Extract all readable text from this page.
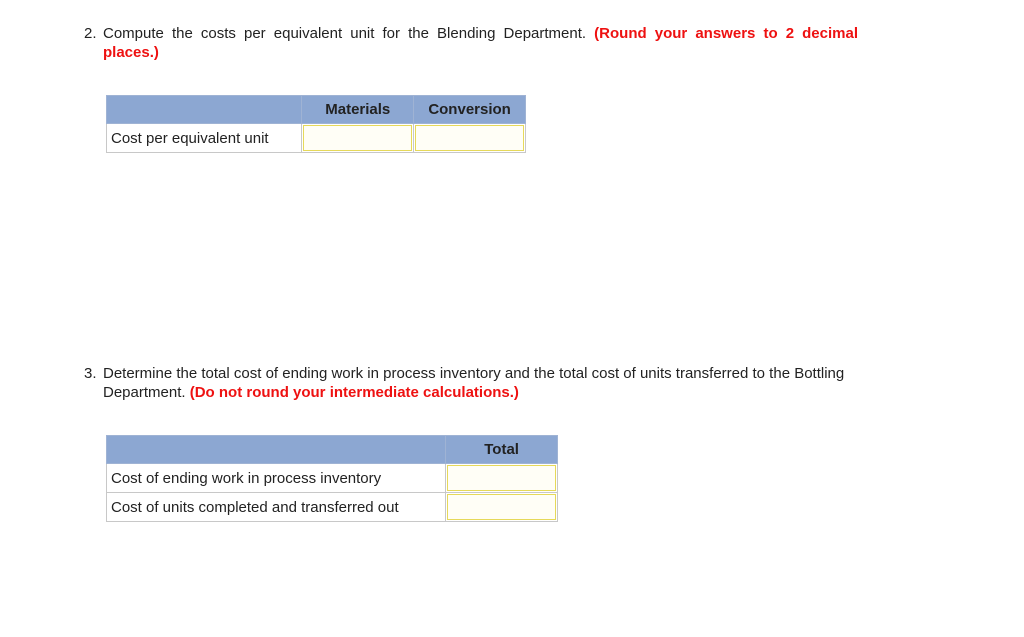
2. Compute the costs per equivalent unit for the Blending Department. (Round your answers to 2 decimal places.)
	Materials	Conversion
Cost per equivalent unit		
3. Determine the total cost of ending work in process inventory and the total cost of units transferred to the Bottling Department. (Do not round your intermediate calculations.)
	Total
Cost of ending work in process inventory	
Cost of units completed and transferred out	
